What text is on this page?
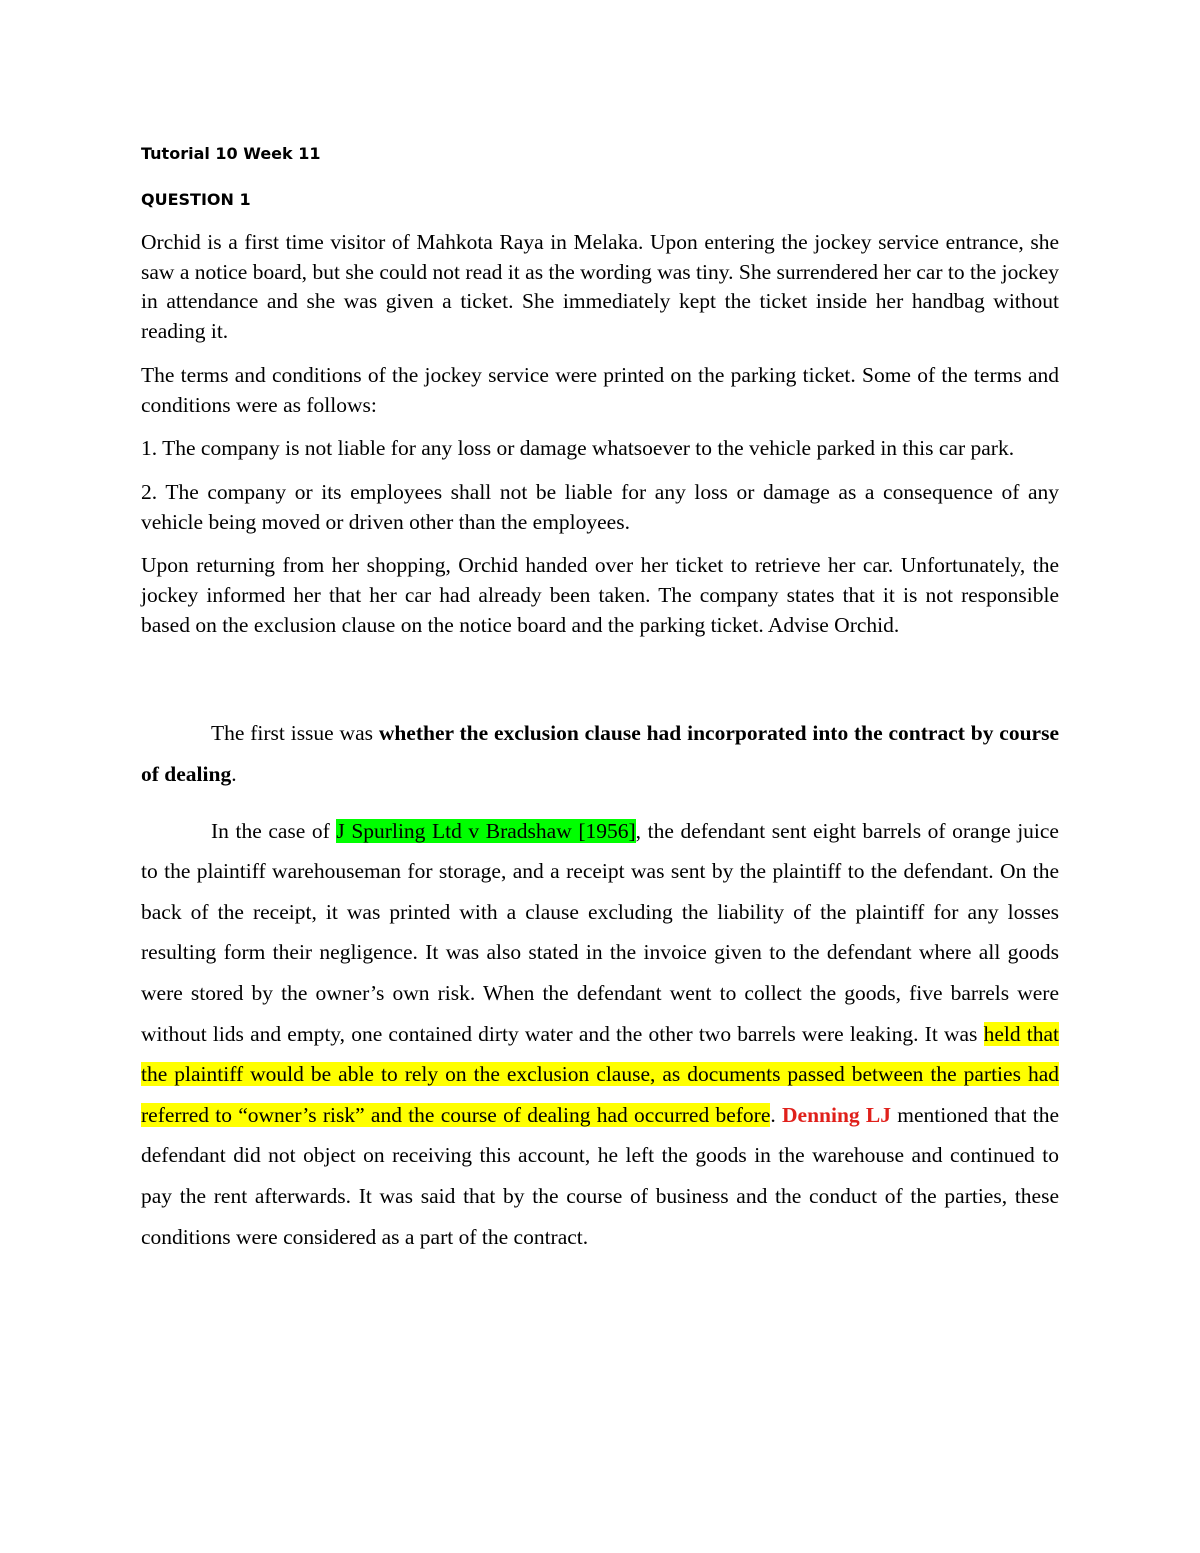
Tutorial 10 Week 11

QUESTION 1

Orchid is a first time visitor of Mahkota Raya in Melaka. Upon entering the jockey service entrance, she saw a notice board, but she could not read it as the wording was tiny. She surrendered her car to the jockey in attendance and she was given a ticket. She immediately kept the ticket inside her handbag without reading it.

The terms and conditions of the jockey service were printed on the parking ticket. Some of the terms and conditions were as follows:

1. The company is not liable for any loss or damage whatsoever to the vehicle parked in this car park.

2. The company or its employees shall not be liable for any loss or damage as a consequence of any vehicle being moved or driven other than the employees.

Upon returning from her shopping, Orchid handed over her ticket to retrieve her car. Unfortunately, the jockey informed her that her car had already been taken. The company states that it is not responsible based on the exclusion clause on the notice board and the parking ticket. Advise Orchid.

The first issue was whether the exclusion clause had incorporated into the contract by course of dealing.

In the case of J Spurling Ltd v Bradshaw [1956], the defendant sent eight barrels of orange juice to the plaintiff warehouseman for storage, and a receipt was sent by the plaintiff to the defendant. On the back of the receipt, it was printed with a clause excluding the liability of the plaintiff for any losses resulting form their negligence. It was also stated in the invoice given to the defendant where all goods were stored by the owner’s own risk. When the defendant went to collect the goods, five barrels were without lids and empty, one contained dirty water and the other two barrels were leaking. It was held that the plaintiff would be able to rely on the exclusion clause, as documents passed between the parties had referred to “owner’s risk” and the course of dealing had occurred before. Denning LJ mentioned that the defendant did not object on receiving this account, he left the goods in the warehouse and continued to pay the rent afterwards. It was said that by the course of business and the conduct of the parties, these conditions were considered as a part of the contract.
